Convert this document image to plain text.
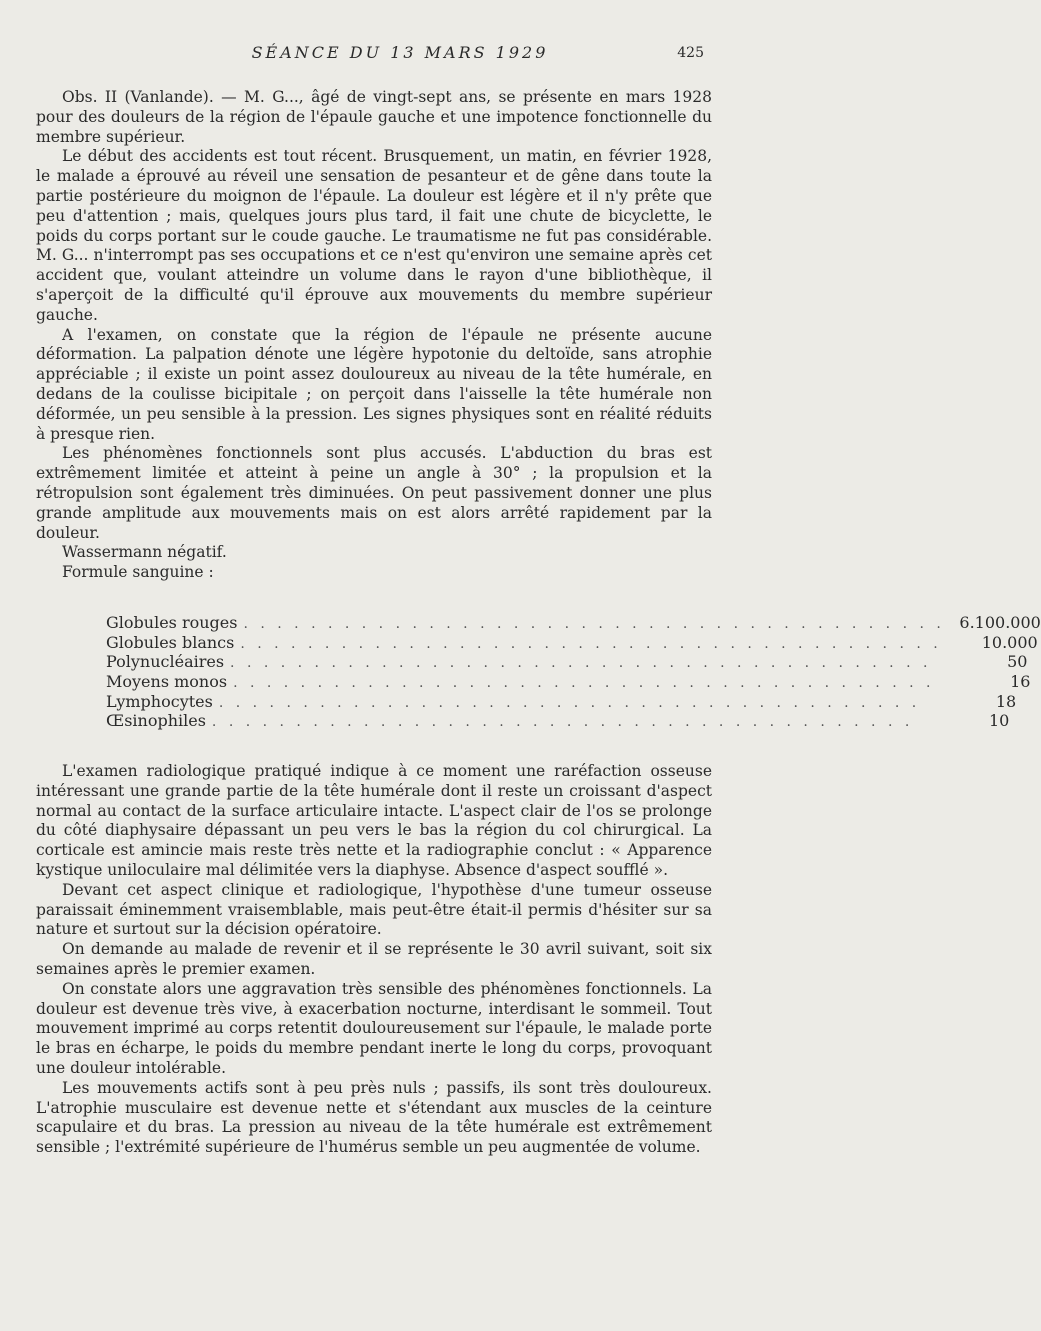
SÉANCE DU 13 MARS 1929	425

Obs. II (Vanlande). — M. G..., âgé de vingt-sept ans, se présente en mars 1928 pour des douleurs de la région de l'épaule gauche et une impotence fonctionnelle du membre supérieur.

Le début des accidents est tout récent. Brusquement, un matin, en février 1928, le malade a éprouvé au réveil une sensation de pesanteur et de gêne dans toute la partie postérieure du moignon de l'épaule. La douleur est légère et il n'y prête que peu d'attention ; mais, quelques jours plus tard, il fait une chute de bicyclette, le poids du corps portant sur le coude gauche. Le traumatisme ne fut pas considérable. M. G... n'interrompt pas ses occupations et ce n'est qu'environ une semaine après cet accident que, voulant atteindre un volume dans le rayon d'une bibliothèque, il s'aperçoit de la difficulté qu'il éprouve aux mouvements du membre supérieur gauche.

A l'examen, on constate que la région de l'épaule ne présente aucune déformation. La palpation dénote une légère hypotonie du deltoïde, sans atrophie appréciable ; il existe un point assez douloureux au niveau de la tête humérale, en dedans de la coulisse bicipitale ; on perçoit dans l'aisselle la tête humérale non déformée, un peu sensible à la pression. Les signes physiques sont en réalité réduits à presque rien.

Les phénomènes fonctionnels sont plus accusés. L'abduction du bras est extrêmement limitée et atteint à peine un angle à 30° ; la propulsion et la rétropulsion sont également très diminuées. On peut passivement donner une plus grande amplitude aux mouvements mais on est alors arrêté rapidement par la douleur.

Wassermann négatif.

Formule sanguine :

Globules rouges . . . . . . . . . . . . . . . . . . . . . . . . . . . . . . . . . . . . . . . . . . 6.100.000
Globules blancs . . . . . . . . . . . . . . . . . . . . . . . . . . . . . . . . . . . . . . . . . .	10.000
Polynucléaires . . . . . . . . . . . . . . . . . . . . . . . . . . . . . . . . . . . . . . . . . .	50
Moyens monos . . . . . . . . . . . . . . . . . . . . . . . . . . . . . . . . . . . . . . . . . .	16
Lymphocytes . . . . . . . . . . . . . . . . . . . . . . . . . . . . . . . . . . . . . . . . . .	18
Œsinophiles . . . . . . . . . . . . . . . . . . . . . . . . . . . . . . . . . . . . . . . . . .	10

L'examen radiologique pratiqué indique à ce moment une raréfaction osseuse intéressant une grande partie de la tête humérale dont il reste un croissant d'aspect normal au contact de la surface articulaire intacte. L'aspect clair de l'os se prolonge du côté diaphysaire dépassant un peu vers le bas la région du col chirurgical. La corticale est amincie mais reste très nette et la radiographie conclut : « Apparence kystique uniloculaire mal délimitée vers la diaphyse. Absence d'aspect soufflé ».

Devant cet aspect clinique et radiologique, l'hypothèse d'une tumeur osseuse paraissait éminemment vraisemblable, mais peut-être était-il permis d'hésiter sur sa nature et surtout sur la décision opératoire.

On demande au malade de revenir et il se représente le 30 avril suivant, soit six semaines après le premier examen.

On constate alors une aggravation très sensible des phénomènes fonctionnels. La douleur est devenue très vive, à exacerbation nocturne, interdisant le sommeil. Tout mouvement imprimé au corps retentit douloureusement sur l'épaule, le malade porte le bras en écharpe, le poids du membre pendant inerte le long du corps, provoquant une douleur intolérable.

Les mouvements actifs sont à peu près nuls ; passifs, ils sont très douloureux. L'atrophie musculaire est devenue nette et s'étendant aux muscles de la ceinture scapulaire et du bras. La pression au niveau de la tête humérale est extrêmement sensible ; l'extrémité supérieure de l'humérus semble un peu augmentée de volume.
